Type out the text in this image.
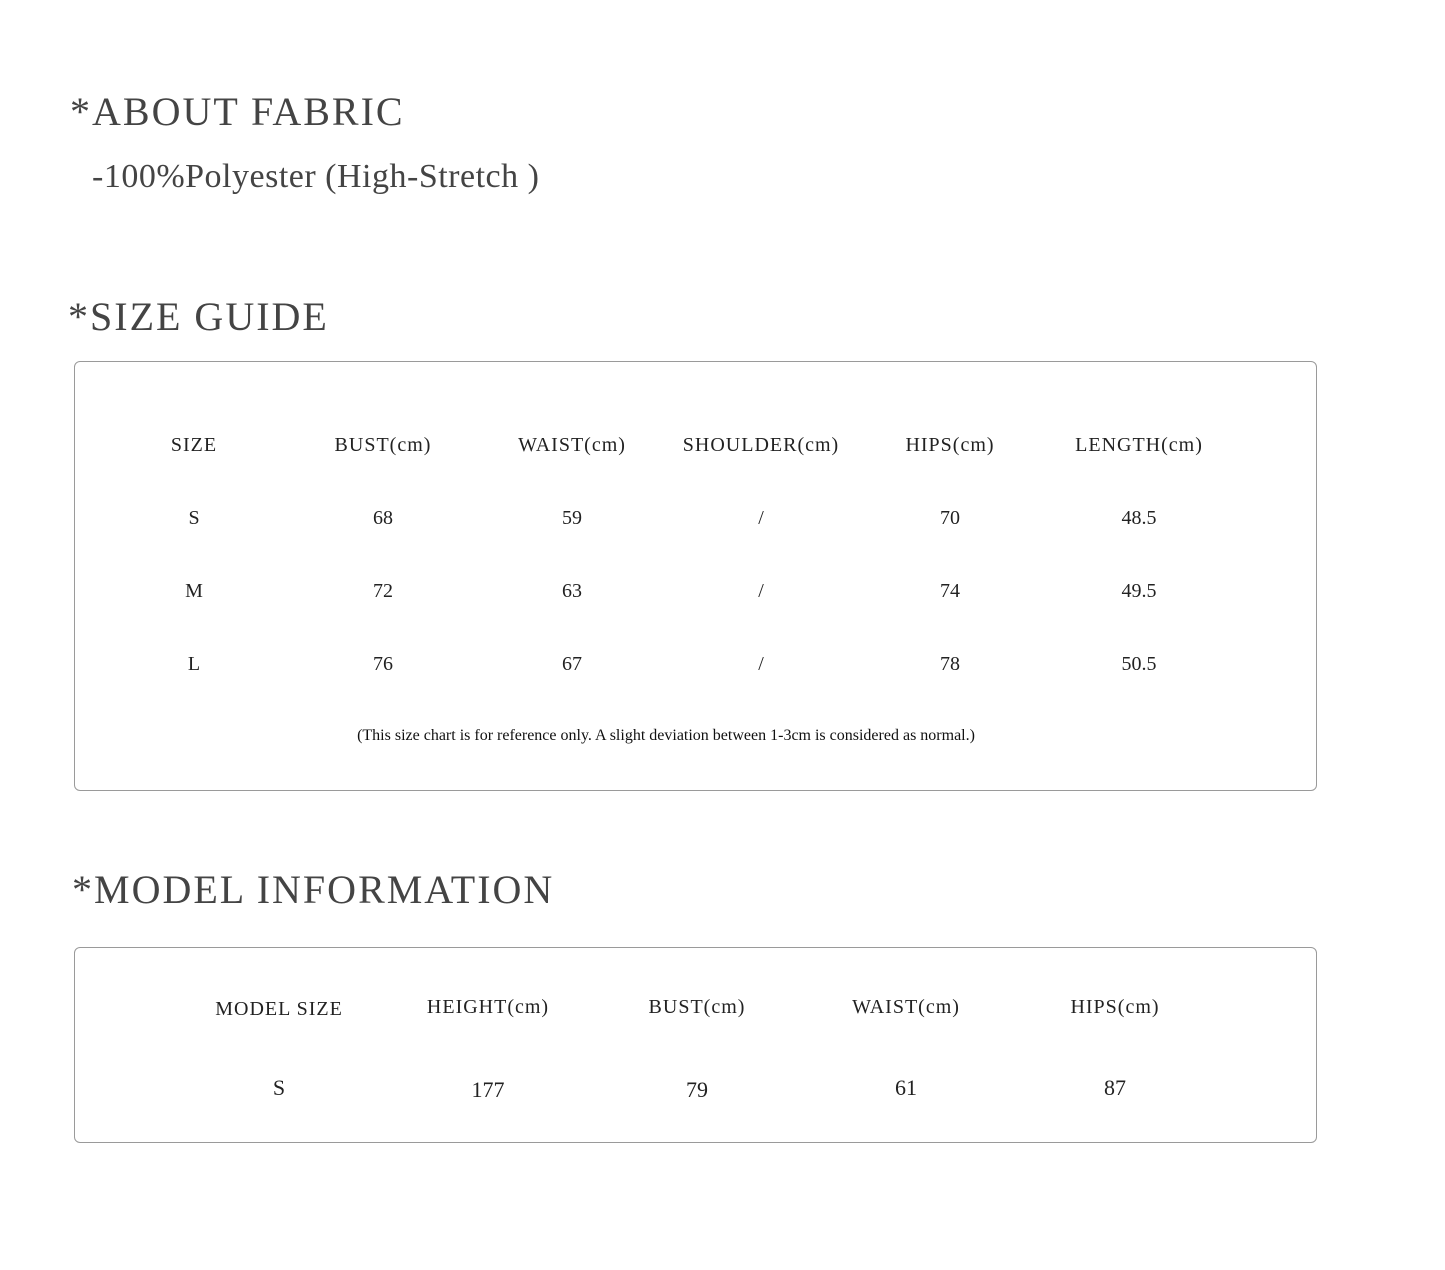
*ABOUT FABRIC
-100%Polyester (High-Stretch )
*SIZE GUIDE
SIZE	BUST(cm)	WAIST(cm)	SHOULDER(cm)	HIPS(cm)	LENGTH(cm)
S	68	59	/	70	48.5
M	72	63	/	74	49.5
L	76	67	/	78	50.5
(This size chart is for reference only. A slight deviation between 1-3cm is considered as normal.)
*MODEL INFORMATION
MODEL SIZE	HEIGHT(cm)	BUST(cm)	WAIST(cm)	HIPS(cm)
S	177	79	61	87
